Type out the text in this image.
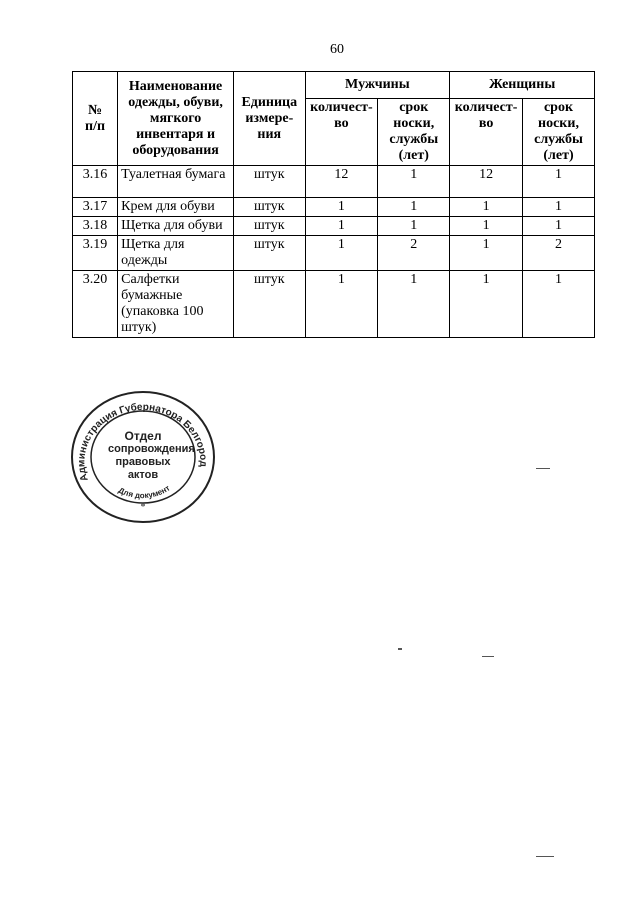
60
№
п/п	Наименование одежды, обуви, мягкого инвентаря и оборудования	Единица измере-ния	Мужчины		Женщины	
			количест-во	срок носки, службы (лет)	количест-во	срок носки, службы (лет)
3.16	Туалетная бумага	штук	12	1	12	1
3.17	Крем для обуви	штук	1	1	1	1
3.18	Щетка для обуви	штук	1	1	1	1
3.19	Щетка для одежды	штук	1	2	1	2
3.20	Салфетки бумажные (упаковка 100 штук)	штук	1	1	1	1
Администрация Губернатора Белгород
Для документ
*
Отдел
сопровождения
правовых
актов
